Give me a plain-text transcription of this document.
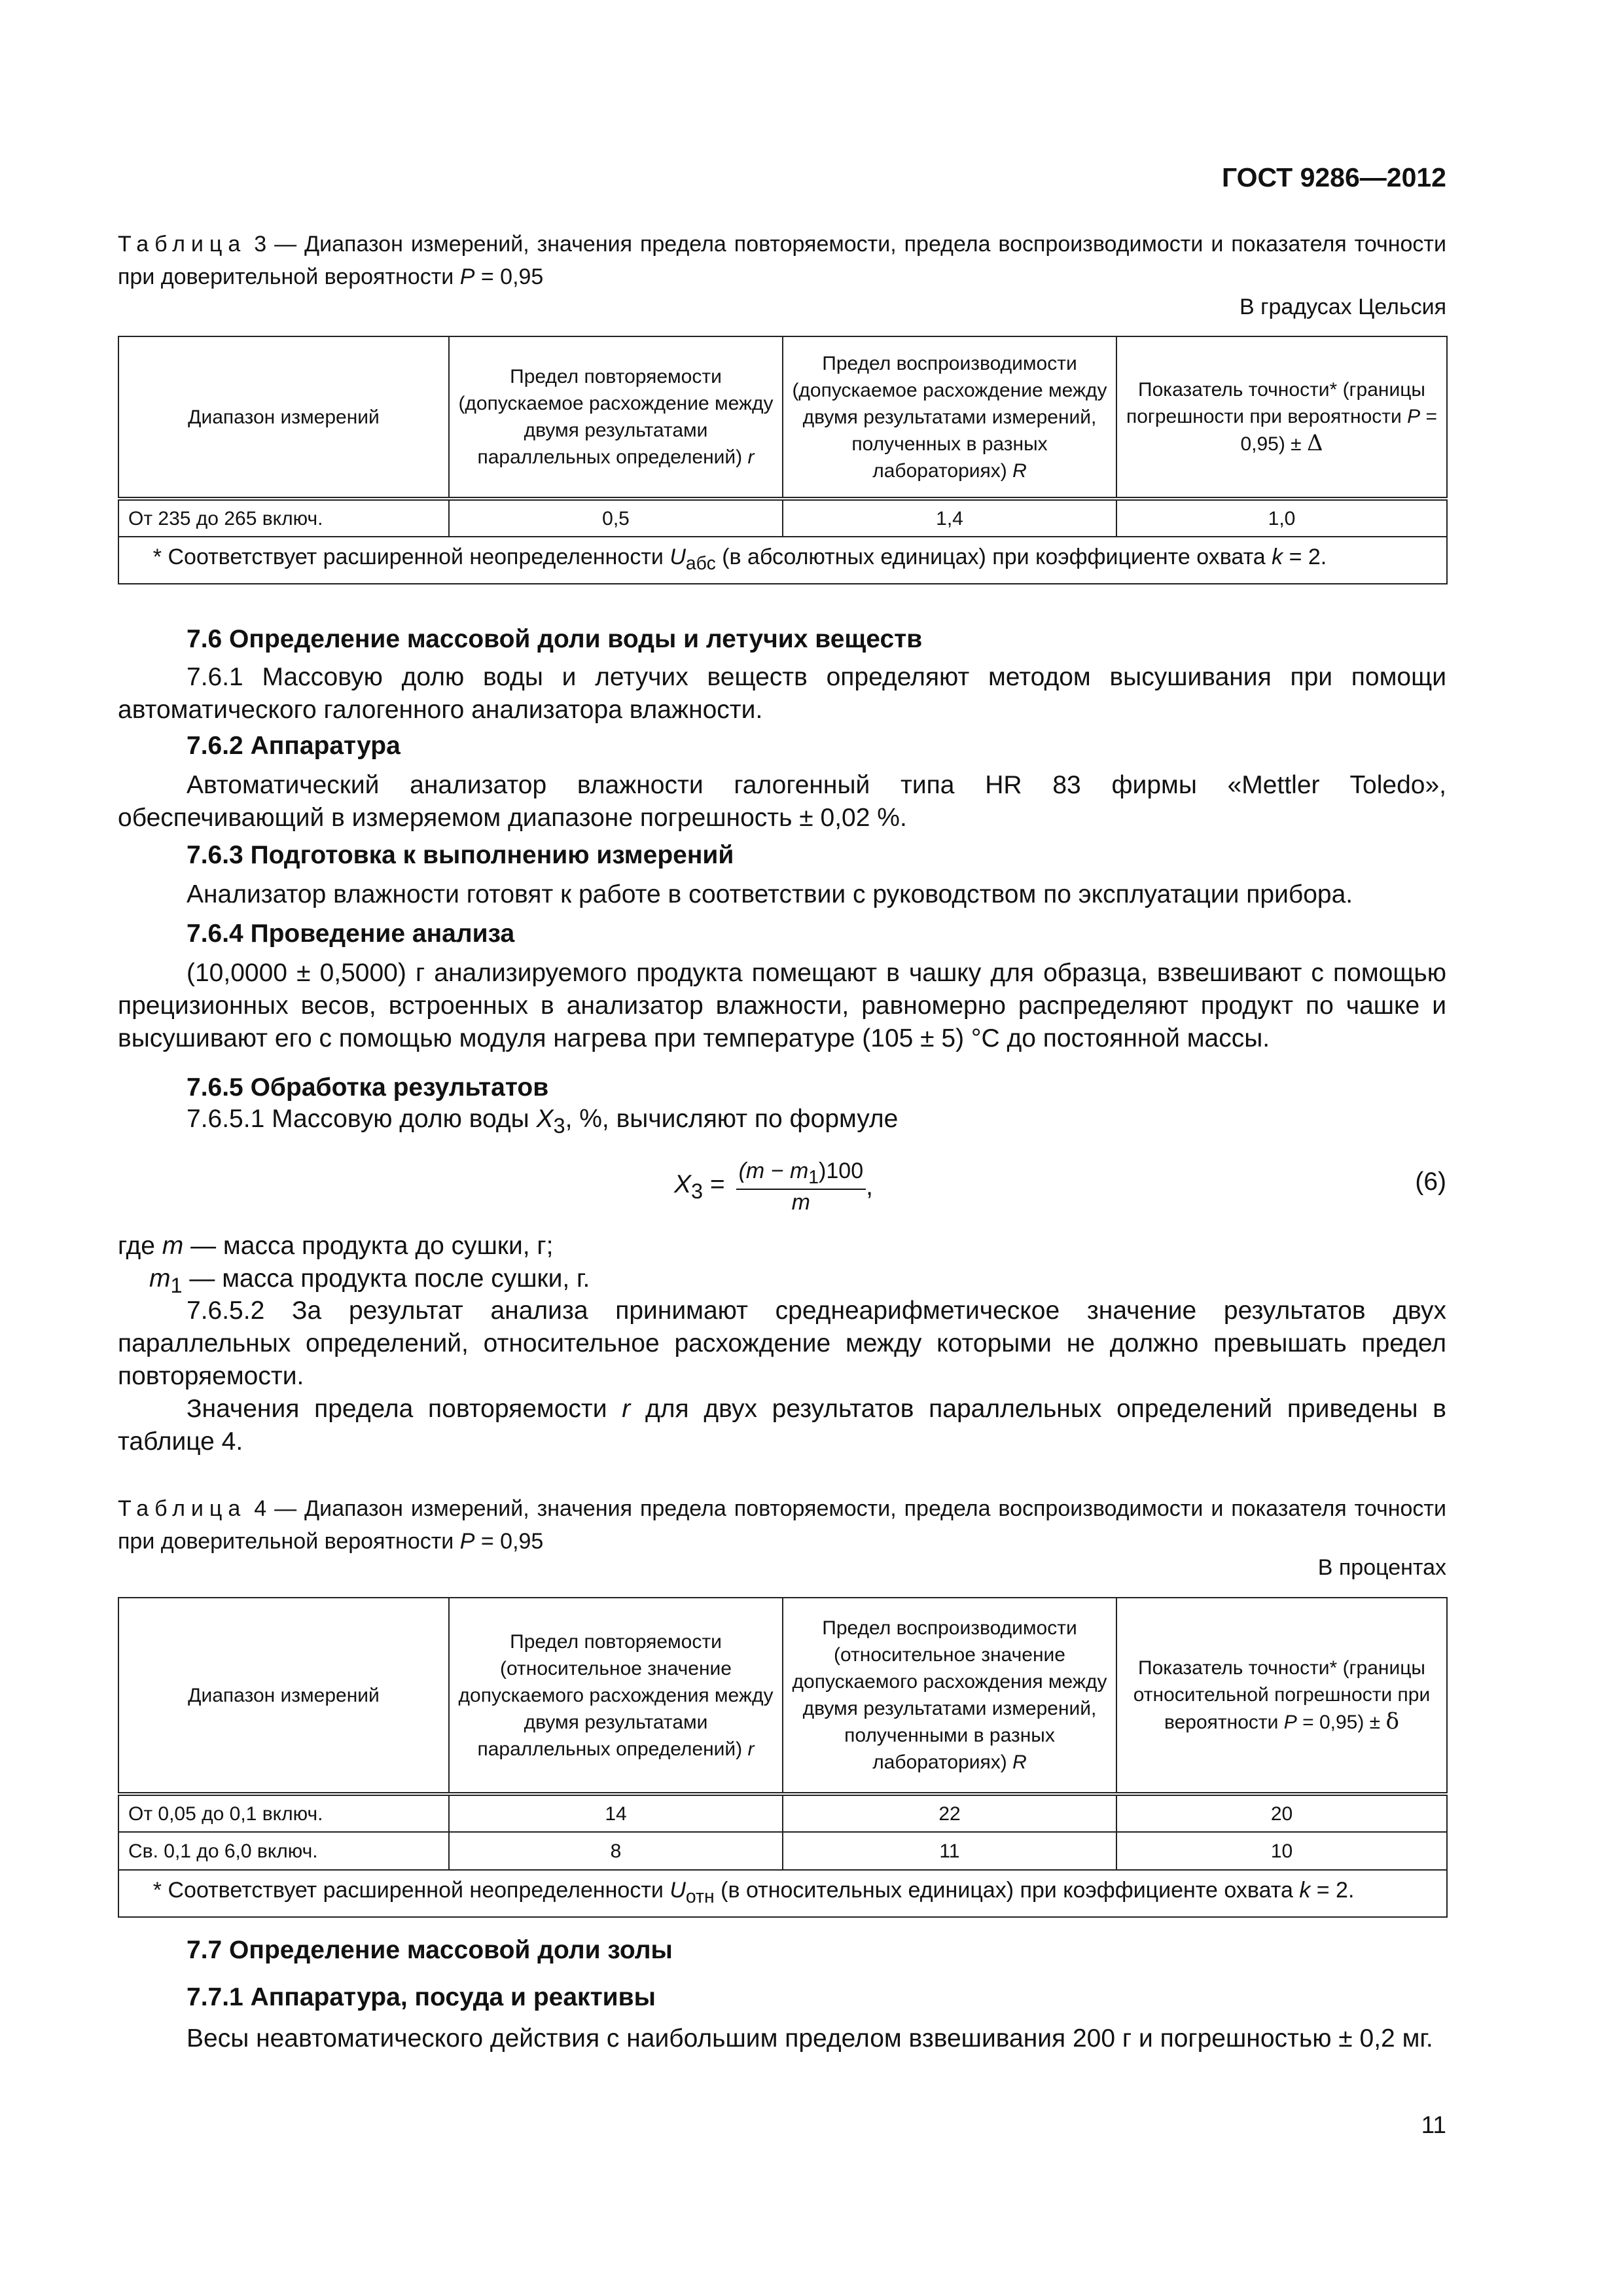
ГОСТ 9286—2012
Таблица 3 — Диапазон измерений, значения предела повторяемости, предела воспроизводимости и показателя точности при доверительной вероятности P = 0,95
В градусах Цельсия
Диапазон измерений	Предел повторяемости (допускаемое расхождение между двумя результатами параллельных определений) r	Предел воспроизводимости (допускаемое расхождение между двумя результатами измерений, полученных в разных лабораториях) R	Показатель точности* (границы погрешности при вероятности P = 0,95) ± Δ
От 235 до 265 включ.	0,5	1,4	1,0
* Соответствует расширенной неопределенности $U_{абс}$ (в абсолютных единицах) при коэффициенте охвата k = 2.			
7.6 Определение массовой доли воды и летучих веществ
7.6.1 Массовую долю воды и летучих веществ определяют методом высушивания при помощи автоматического галогенного анализатора влажности.
7.6.2 Аппаратура
Автоматический анализатор влажности галогенный типа HR 83 фирмы «Mettler Toledo», обеспечивающий в измеряемом диапазоне погрешность ± 0,02 %.
7.6.3 Подготовка к выполнению измерений
Анализатор влажности готовят к работе в соответствии с руководством по эксплуатации прибора.
7.6.4 Проведение анализа
(10,0000 ± 0,5000) г анализируемого продукта помещают в чашку для образца, взвешивают с помощью прецизионных весов, встроенных в анализатор влажности, равномерно распределяют продукт по чашке и высушивают его с помощью модуля нагрева при температуре (105 ± 5) °С до постоянной массы.
7.6.5 Обработка результатов
7.6.5.1 Массовую долю воды $X_3$, %, вычисляют по формуле
$X_3 = \frac{(m - m_1)100}{m}$ ,	(6)
где m — масса продукта до сушки, г;
$m_1$ — масса продукта после сушки, г.
7.6.5.2 За результат анализа принимают среднеарифметическое значение результатов двух параллельных определений, относительное расхождение между которыми не должно превышать предел повторяемости.
Значения предела повторяемости r для двух результатов параллельных определений приведены в таблице 4.
Таблица 4 — Диапазон измерений, значения предела повторяемости, предела воспроизводимости и показателя точности при доверительной вероятности P = 0,95
В процентах
Диапазон измерений	Предел повторяемости (относительное значение допускаемого расхождения между двумя результатами параллельных определений) r	Предел воспроизводимости (относительное значение допускаемого расхождения между двумя результатами измерений, полученными в разных лабораториях) R	Показатель точности* (границы относительной погрешности при вероятности P = 0,95) ± δ
От 0,05 до 0,1 включ.	14	22	20
Св. 0,1 до 6,0 включ.	8	11	10
* Соответствует расширенной неопределенности $U_{отн}$ (в относительных единицах) при коэффициенте охвата k = 2.			
7.7 Определение массовой доли золы
7.7.1 Аппаратура, посуда и реактивы
Весы неавтоматического действия с наибольшим пределом взвешивания 200 г и погрешностью ± 0,2 мг.
11
